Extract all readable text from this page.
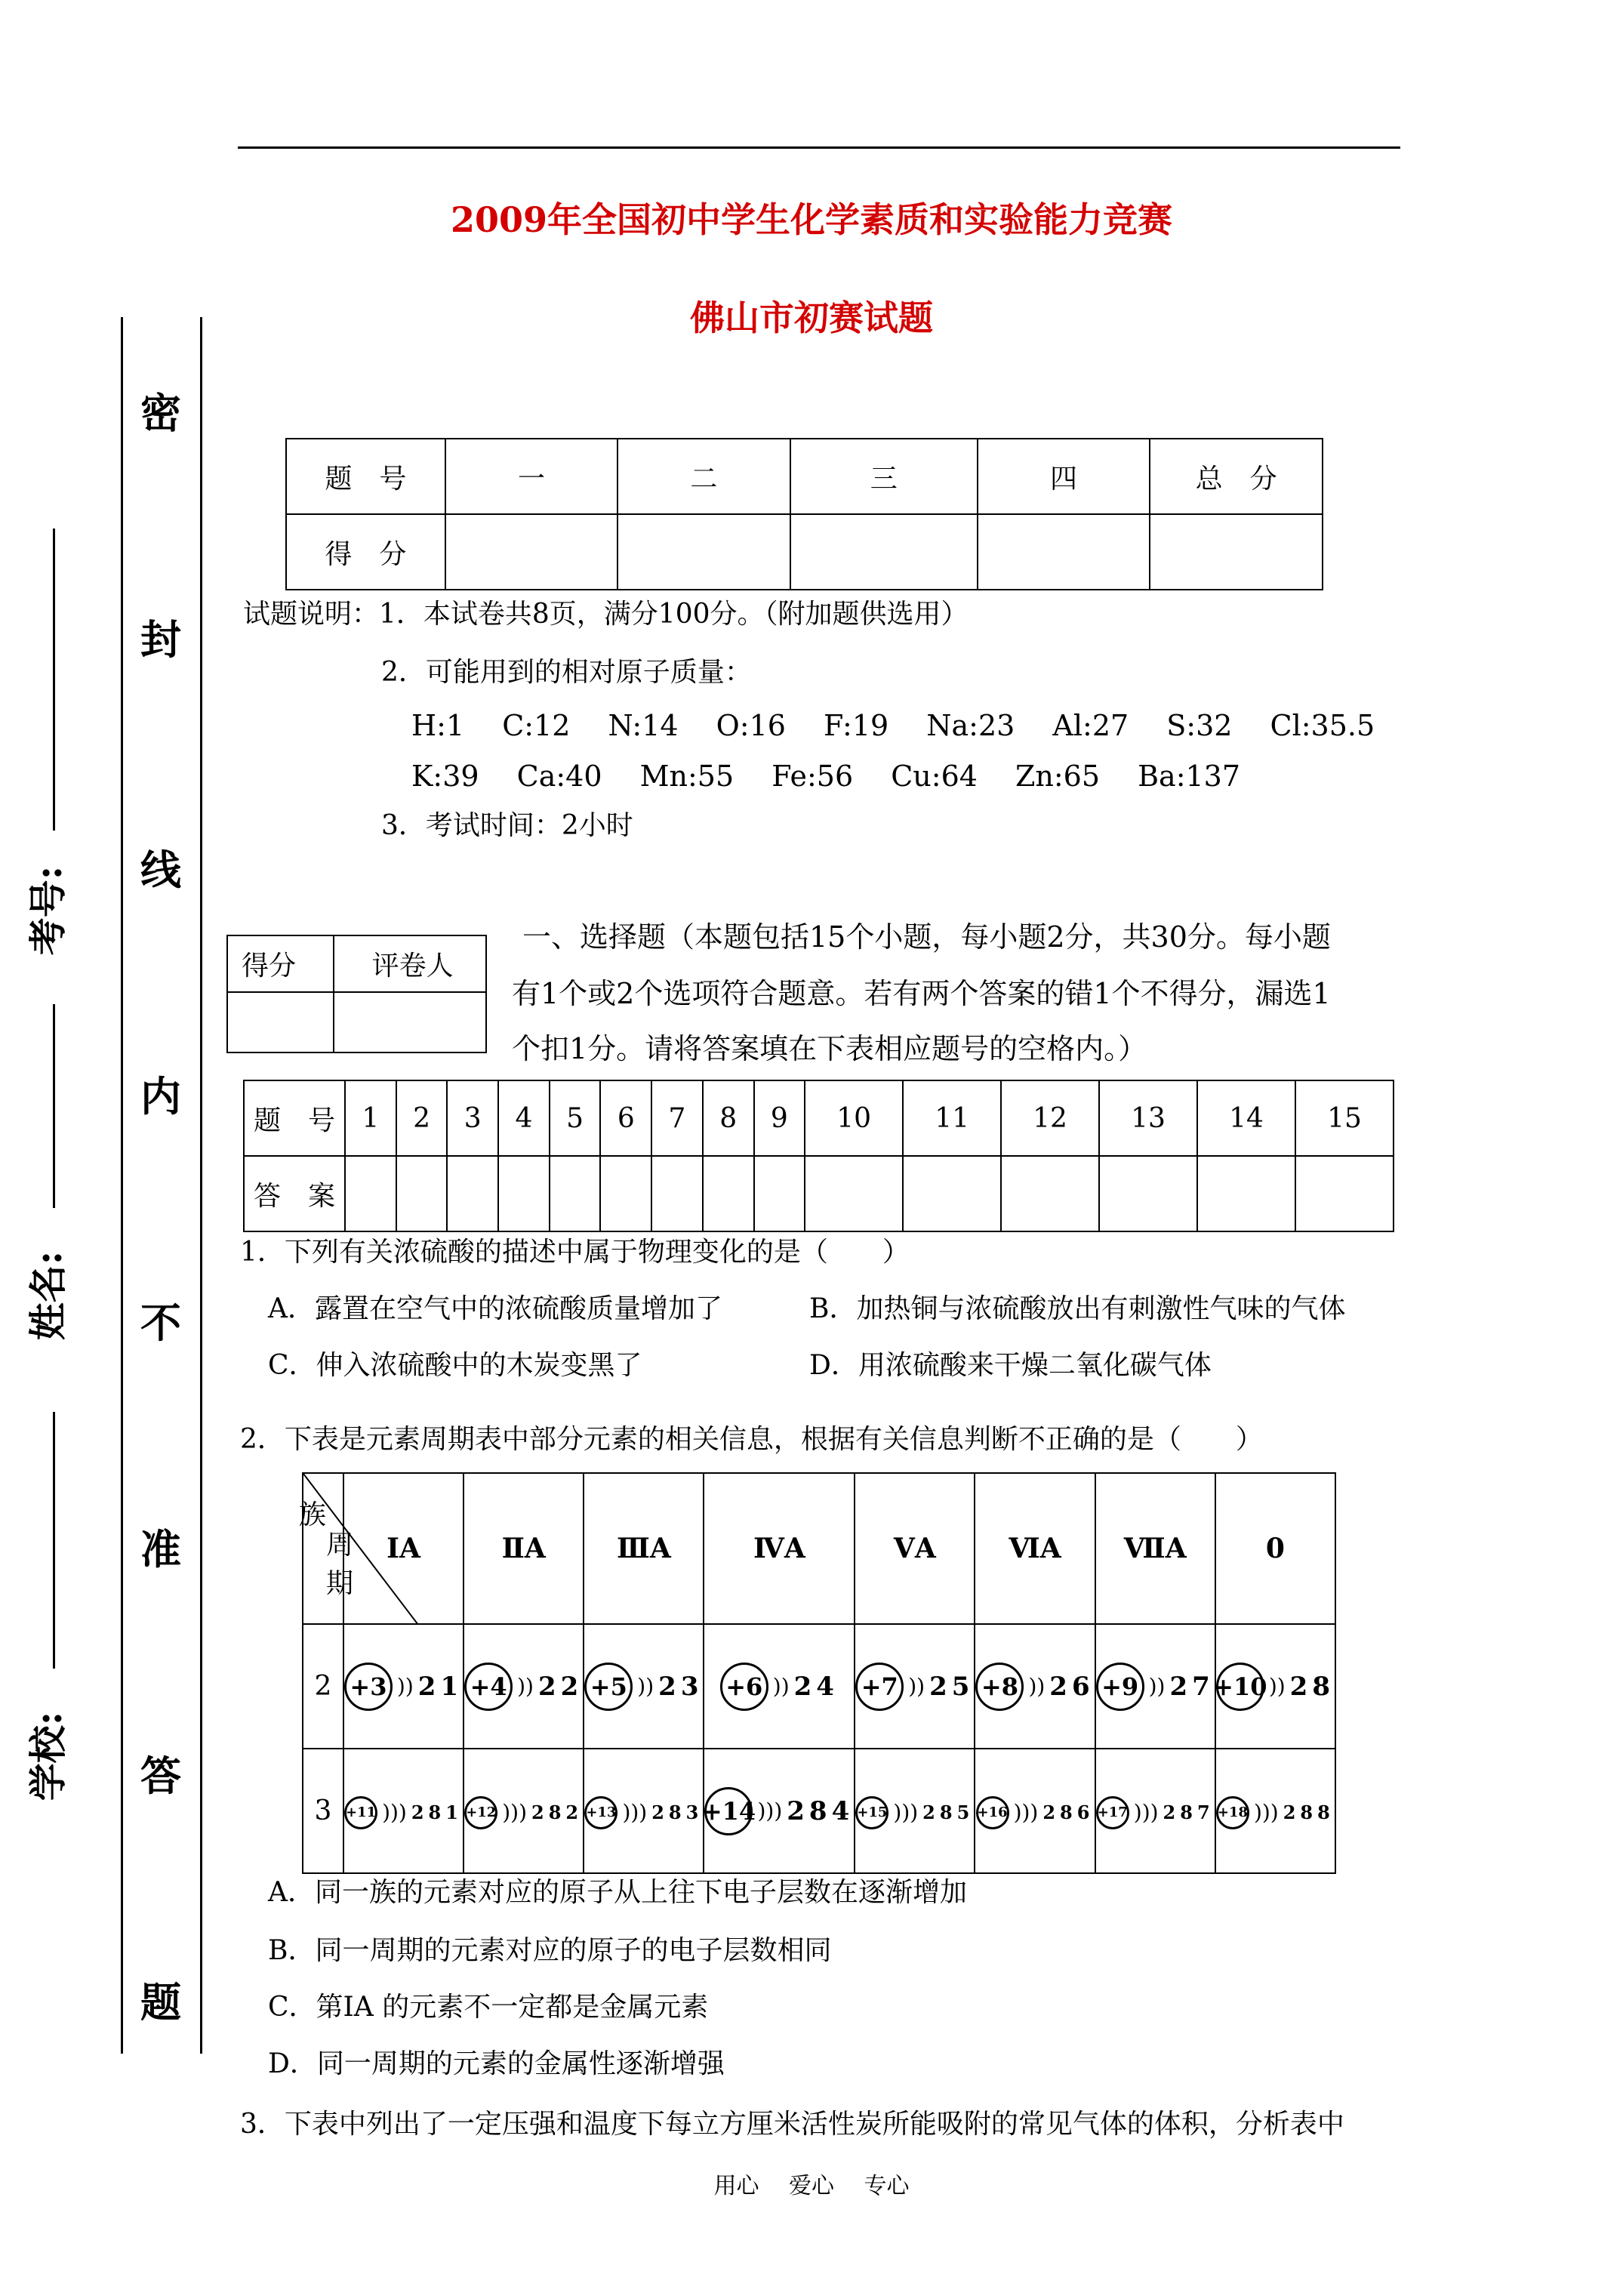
2009年全国初中学生化学素质和实验能力竞赛
佛山市初赛试题
密
封
线
内
不
准
答
题
考号:
姓名:
学校:
题　号	一	二	三	四	总　分
得　分					
试题说明：1．本试卷共8页，满分100分。（附加题供选用）
2．可能用到的相对原子质量：
H:1　 C:12　 N:14　 O:16　 F:19　 Na:23　 Al:27　 S:32　 Cl:35.5
K:39　 Ca:40　 Mn:55　 Fe:56　 Cu:64　 Zn:65　 Ba:137
3．考试时间：2小时
得分	评卷人

一、选择题（本题包括15个小题，每小题2分，共30分。每小题
有1个或2个选项符合题意。若有两个答案的错1个不得分，漏选1
个扣1分。请将答案填在下表相应题号的空格内。）
题　号	1	2	3	4	5	6	7	8	9	10	11	12	13	14	15
答　案															
1．下列有关浓硫酸的描述中属于物理变化的是（　　）
A．露置在空气中的浓硫酸质量增加了	B．加热铜与浓硫酸放出有刺激性气味的气体
C．伸入浓硫酸中的木炭变黑了	D．用浓硫酸来干燥二氧化碳气体
2．下表是元素周期表中部分元素的相关信息，根据有关信息判断不正确的是（　　）
族
周期	ⅠA	ⅡA	ⅢA	ⅣA	ⅤA	ⅥA	ⅦA	0
2	+3 )) 21	+4 )) 22	+5 )) 23	+6 )) 24	+7 )) 25	+8 )) 26	+9 )) 27	+10 )) 28

3	+11 ))) 281	+12 ))) 282	+13 ))) 283	+14 ))) 284	+15 ))) 285	+16 ))) 286	+17 ))) 287	+18 ))) 288
A．同一族的元素对应的原子从上往下电子层数在逐渐增加
B．同一周期的元素对应的原子的电子层数相同
C．第IA 的元素不一定都是金属元素
D．同一周期的元素的金属性逐渐增强
3．下表中列出了一定压强和温度下每立方厘米活性炭所能吸附的常见气体的体积，分析表中
用心　 爱心　 专心
